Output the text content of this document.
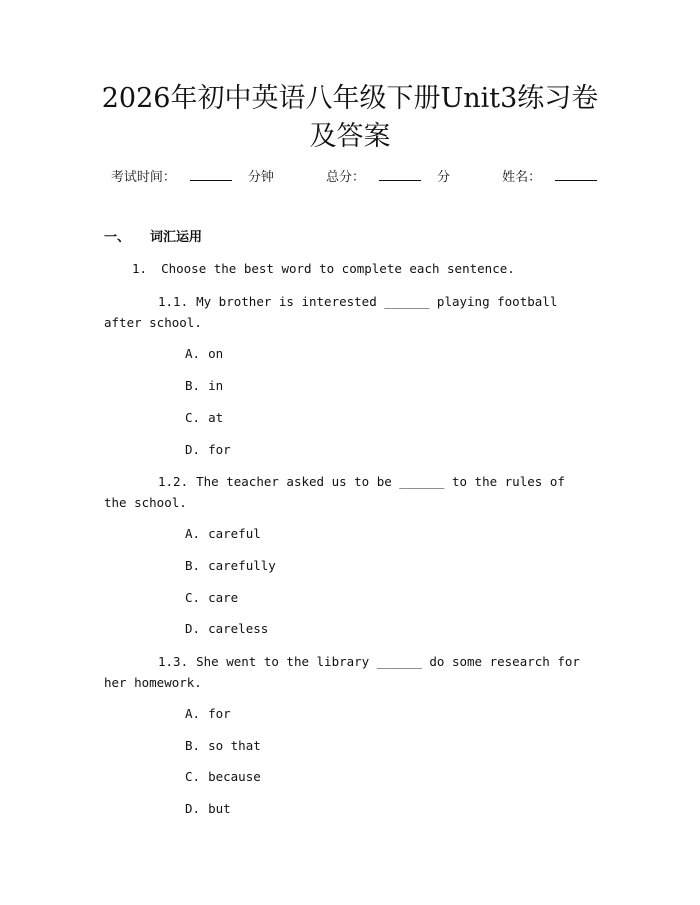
2026年初中英语八年级下册Unit3练习卷及答案
考试时间：	分钟	总分：	分	姓名：
一、 词汇运用
1. Choose the best word to complete each sentence.
1.1. My brother is interested ______ playing football after school.
A. on
B. in
C. at
D. for
1.2. The teacher asked us to be ______ to the rules of the school.
A. careful
B. carefully
C. care
D. careless
1.3. She went to the library ______ do some research for her homework.
A. for
B. so that
C. because
D. but
